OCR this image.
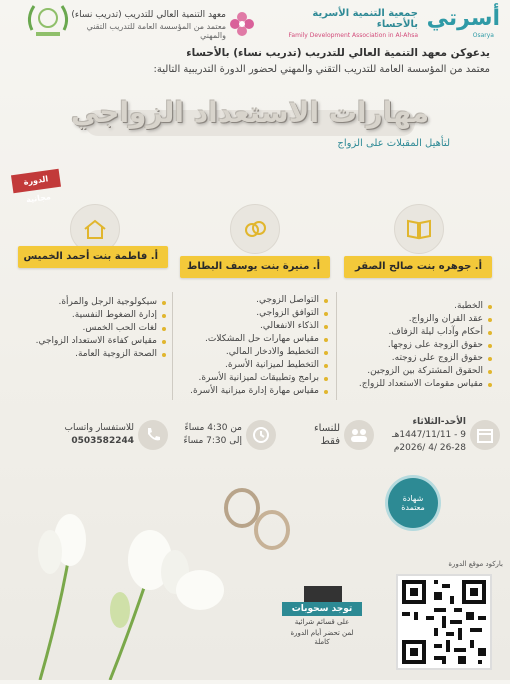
أسرتي
Osarya
جمعية التنمية الأسرية بالأحساء
Family Development Association in Al-Ahsa
معهد التنمية العالي للتدريب (تدريب نساء)
معتمد من المؤسسة العامة للتدريب التقني والمهني
يدعوكن معهد التنمية العالي للتدريب (تدريب نساء) بالأحساء
معتمد من المؤسسة العامة للتدريب التقني والمهني لحضور الدورة التدريبية التالية:
مهارات الاستعداد الزواجي
لتأهيل المقبلات على الزواج
الدورة مجانية
أ. جوهره بنت صالح الصقر
أ. منيرة بنت يوسف البطاط
أ. فاطمة بنت أحمد الخميس
الخطبة.
عقد القران والزواج.
أحكام وآداب ليلة الزفاف.
حقوق الزوجة على زوجها.
حقوق الزوج على زوجته.
الحقوق المشتركة بين الزوجين.
مقياس مقومات الاستعداد للزواج.
التواصل الزوجي.
التوافق الزواجي.
الذكاء الانفعالي.
مقياس مهارات حل المشكلات.
التخطيط والادخار المالي.
التخطيط لميزانية الأسرة.
برامج وتطبيقات لميزانية الأسرة.
مقياس مهارة إدارة ميزانية الأسرة.
سيكولوجية الرجل والمرأة.
إدارة الضغوط النفسية.
لغات الحب الخمس.
مقياس كفاءة الاستعداد الزواجي.
الصحة الزوجية العامة.
الأحد-الثلاثاء
9 - 1447/11/11هـ
26-28 /4 /2026م
للنساء
فقط
من 4:30 مساءً
إلى 7:30 مساءً
للاستفسار واتساب
0503582244
شهادة
معتمدة
توجد سحوبات
على قسائم شرائية
لمن تحضر أيام الدورة كاملة
باركود موقع الدورة
